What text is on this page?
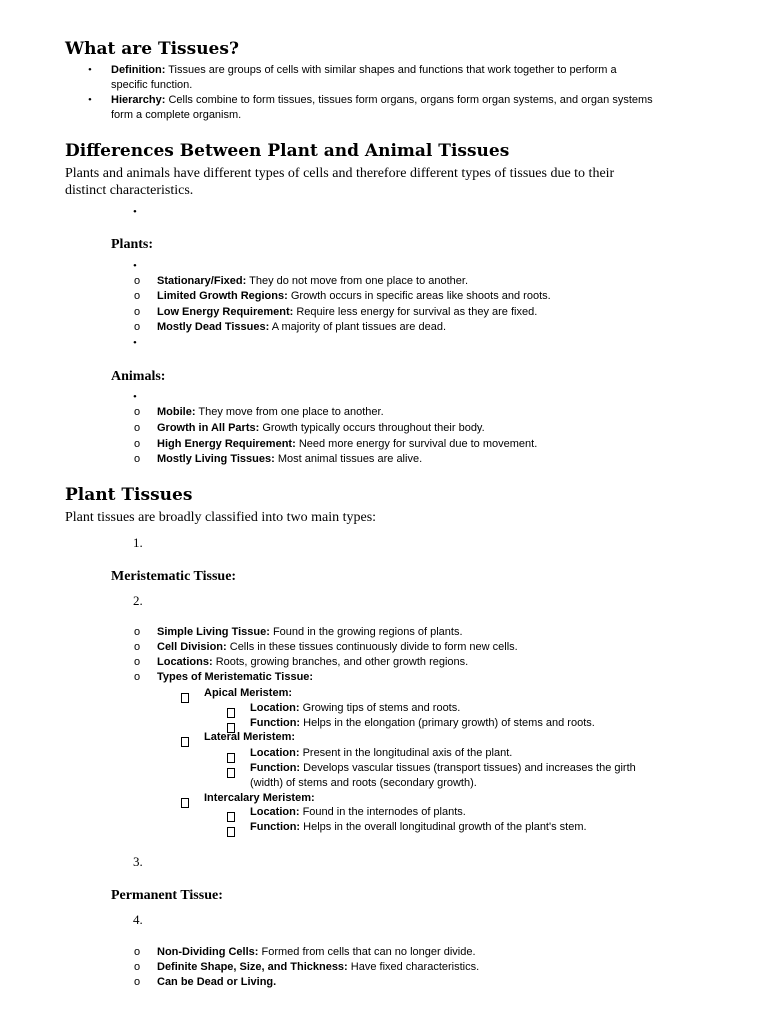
What are Tissues?
• Definition: Tissues are groups of cells with similar shapes and functions that work together to perform a
specific function.
• Hierarchy: Cells combine to form tissues, tissues form organs, organs form organ systems, and organ systems
form a complete organism.
Differences Between Plant and Animal Tissues
Plants and animals have different types of cells and therefore different types of tissues due to their
distinct characteristics.
•
Plants:
•
o Stationary/Fixed: They do not move from one place to another.
o Limited Growth Regions: Growth occurs in specific areas like shoots and roots.
o Low Energy Requirement: Require less energy for survival as they are fixed.
o Mostly Dead Tissues: A majority of plant tissues are dead.
•
Animals:
•
o Mobile: They move from one place to another.
o Growth in All Parts: Growth typically occurs throughout their body.
o High Energy Requirement: Need more energy for survival due to movement.
o Mostly Living Tissues: Most animal tissues are alive.
Plant Tissues
Plant tissues are broadly classified into two main types:
1.
Meristematic Tissue:
2.
o Simple Living Tissue: Found in the growing regions of plants.
o Cell Division: Cells in these tissues continuously divide to form new cells.
o Locations: Roots, growing branches, and other growth regions.
o Types of Meristematic Tissue:
Apical Meristem:
Location: Growing tips of stems and roots.
Function: Helps in the elongation (primary growth) of stems and roots.
Lateral Meristem:
Location: Present in the longitudinal axis of the plant.
Function: Develops vascular tissues (transport tissues) and increases the girth
(width) of stems and roots (secondary growth).
Intercalary Meristem:
Location: Found in the internodes of plants.
Function: Helps in the overall longitudinal growth of the plant's stem.
3.
Permanent Tissue:
4.
o Non-Dividing Cells: Formed from cells that can no longer divide.
o Definite Shape, Size, and Thickness: Have fixed characteristics.
o Can be Dead or Living.
